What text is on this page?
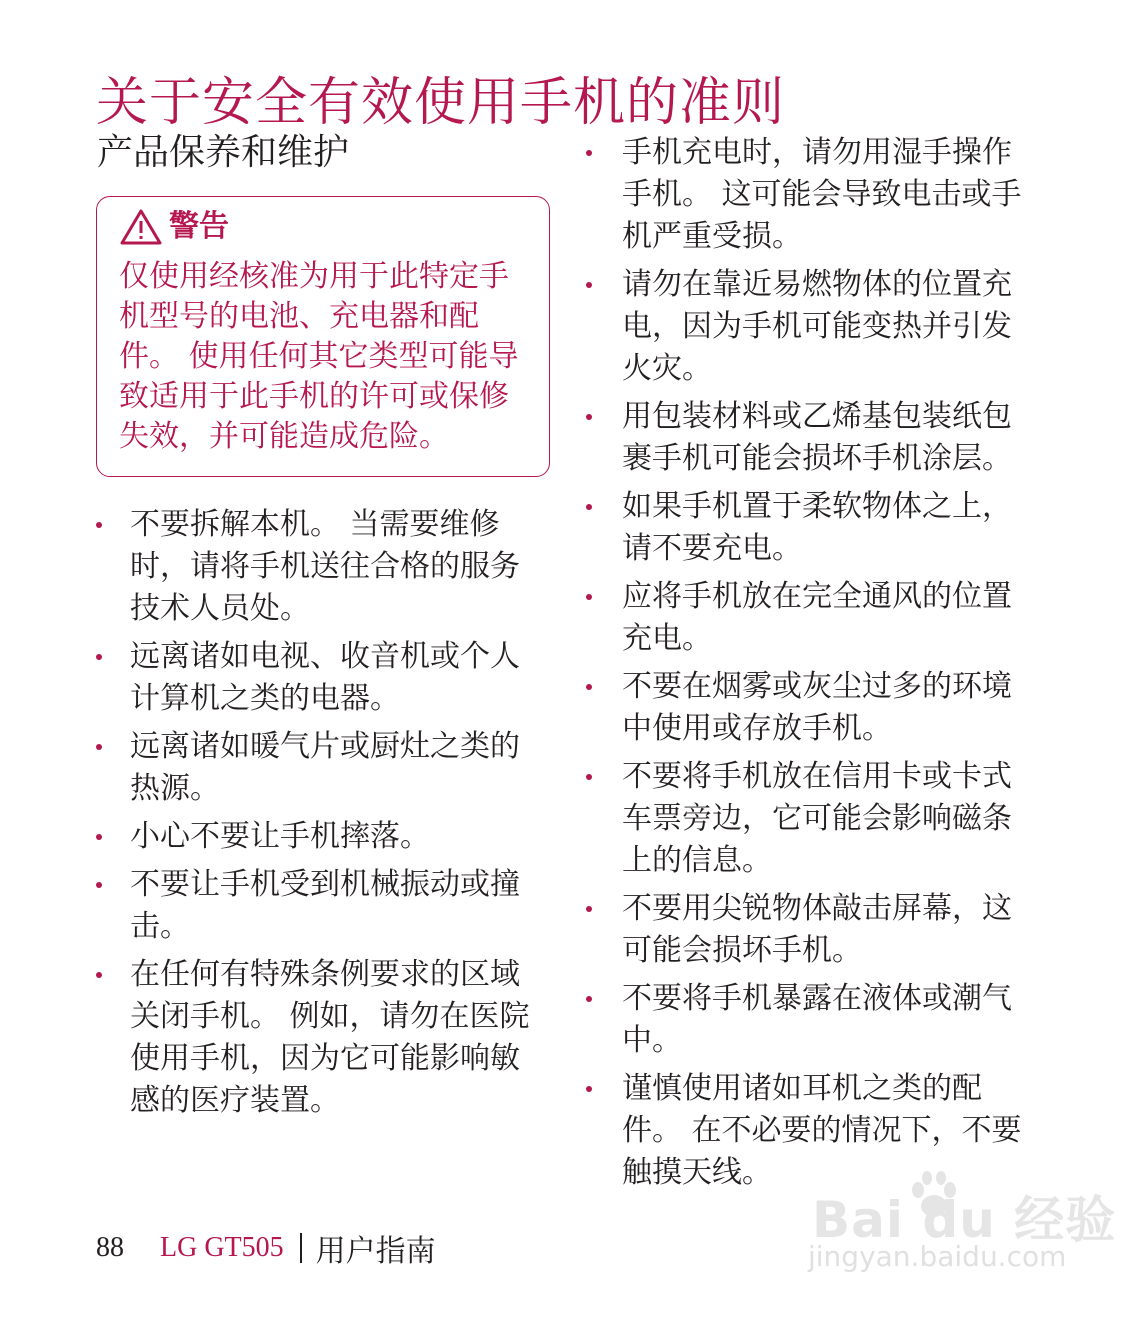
关于安全有效使用手机的准则
产品保养和维护
警告
仅使用经核准为用于此特定手
机型号的电池、充电器和配
件。 使用任何其它类型可能导
致适用于此手机的许可或保修
失效，并可能造成危险。
不要拆解本机。 当需要维修
时，请将手机送往合格的服务
技术人员处。
远离诸如电视、收音机或个人
计算机之类的电器。
远离诸如暖气片或厨灶之类的
热源。
小心不要让手机摔落。
不要让手机受到机械振动或撞
击。
在任何有特殊条例要求的区域
关闭手机。 例如，请勿在医院
使用手机，因为它可能影响敏
感的医疗装置。
手机充电时，请勿用湿手操作
手机。 这可能会导致电击或手
机严重受损。
请勿在靠近易燃物体的位置充
电，因为手机可能变热并引发
火灾。
用包装材料或乙烯基包装纸包
裹手机可能会损坏手机涂层。
如果手机置于柔软物体之上，
请不要充电。
应将手机放在完全通风的位置
充电。
不要在烟雾或灰尘过多的环境
中使用或存放手机。
不要将手机放在信用卡或卡式
车票旁边，它可能会影响磁条
上的信息。
不要用尖锐物体敲击屏幕，这
可能会损坏手机。
不要将手机暴露在液体或潮气
中。
谨慎使用诸如耳机之类的配
件。 在不必要的情况下，不要
触摸天线。
88 LG GT505 用户指南
Bai du 经验
jingyan.baidu.com
